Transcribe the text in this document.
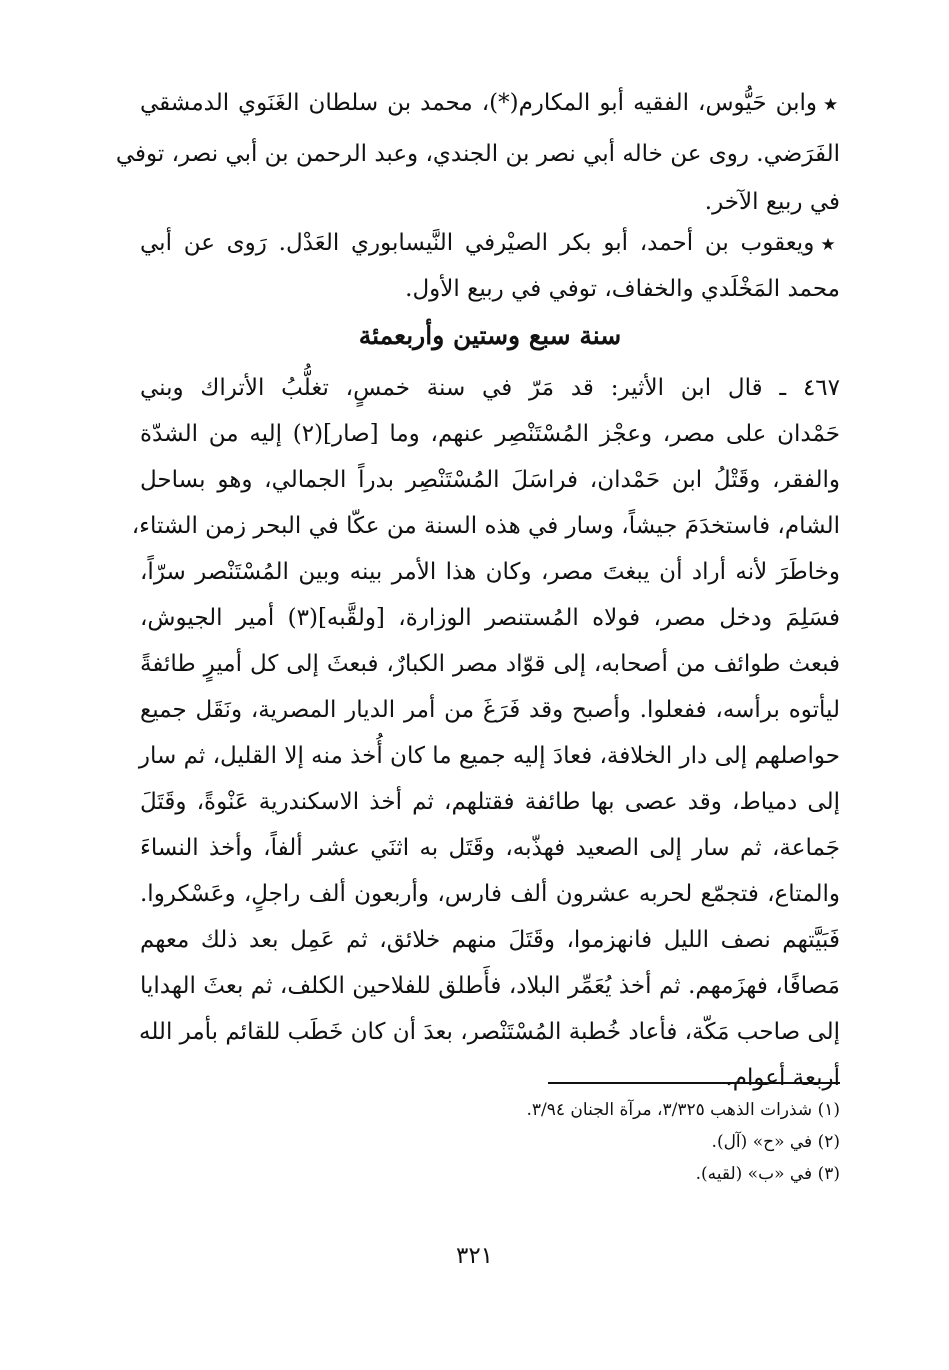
★وابن حَيُّوس، الفقيه أبو المكارم(*)، محمد بن سلطان الغَنَوي الدمشقي
الفَرَضي. روى عن خاله أبي نصر بن الجندي، وعبد الرحمن بن أبي نصر، توفي
في ربيع الآخر.
★ويعقوب بن أحمد، أبو بكر الصيْرفي النَّيسابوري العَدْل. رَوى عن أبي
محمد المَخْلَدي والخفاف، توفي في ربيع الأول.
سنة سبع وستين وأربعمئة
٤٦٧ ـ قال ابن الأثير: قد مَرّ في سنة خمسٍ، تغلُّبُ الأتراك وبني
حَمْدان على مصر، وعجْز المُسْتَنْصِر عنهم، وما [صار](٢) إليه من الشدّة
والفقر، وقَتْلُ ابن حَمْدان، فراسَلَ المُسْتَنْصِر بدراً الجمالي، وهو بساحل
الشام، فاستخدَمَ جيشاً، وسار في هذه السنة من عكّا في البحر زمن الشتاء،
وخاطَرَ لأنه أراد أن يبغتَ مصر، وكان هذا الأمر بينه وبين المُسْتَنْصر سرّاً،
فسَلِمَ ودخل مصر، فولاه المُستنصر الوزارة، [ولقَّبه](٣) أمير الجيوش،
فبعث طوائف من أصحابه، إلى قوّاد مصر الكبارٌ، فبعثَ إلى كل أميرٍ طائفةً
ليأتوه برأسه، ففعلوا. وأصبح وقد فَرَغَ من أمر الديار المصرية، ونَقَل جميع
حواصلهم إلى دار الخلافة، فعادَ إليه جميع ما كان أُخذ منه إلا القليل، ثم سار
إلى دمياط، وقد عصى بها طائفة فقتلهم، ثم أخذ الاسكندرية عَنْوةً، وقَتَلَ
جَماعة، ثم سار إلى الصعيد فهذّبه، وقَتَل به اثنَي عشر ألفاً، وأخذ النساءَ
والمتاع، فتجمّع لحربه عشرون ألف فارس، وأربعون ألف راجلٍ، وعَسْكروا.
فَبَيَّتهم نصف الليل فانهزموا، وقَتَلَ منهم خلائق، ثم عَمِل بعد ذلك معهم
مَصافًا، فهزَمهم. ثم أخذ يُعَمِّر البلاد، فأَطلق للفلاحين الكلف، ثم بعثَ الهدايا
إلى صاحب مَكّة، فأعاد خُطبة المُسْتَنْصر، بعدَ أن كان خَطَب للقائم بأمر الله
أربعة أعوام.
(١) شذرات الذهب ٣/٣٢٥، مرآة الجنان ٣/٩٤.
(٢) في «ح» (آل).
(٣) في «ب» (لقيه).
٣٢١
